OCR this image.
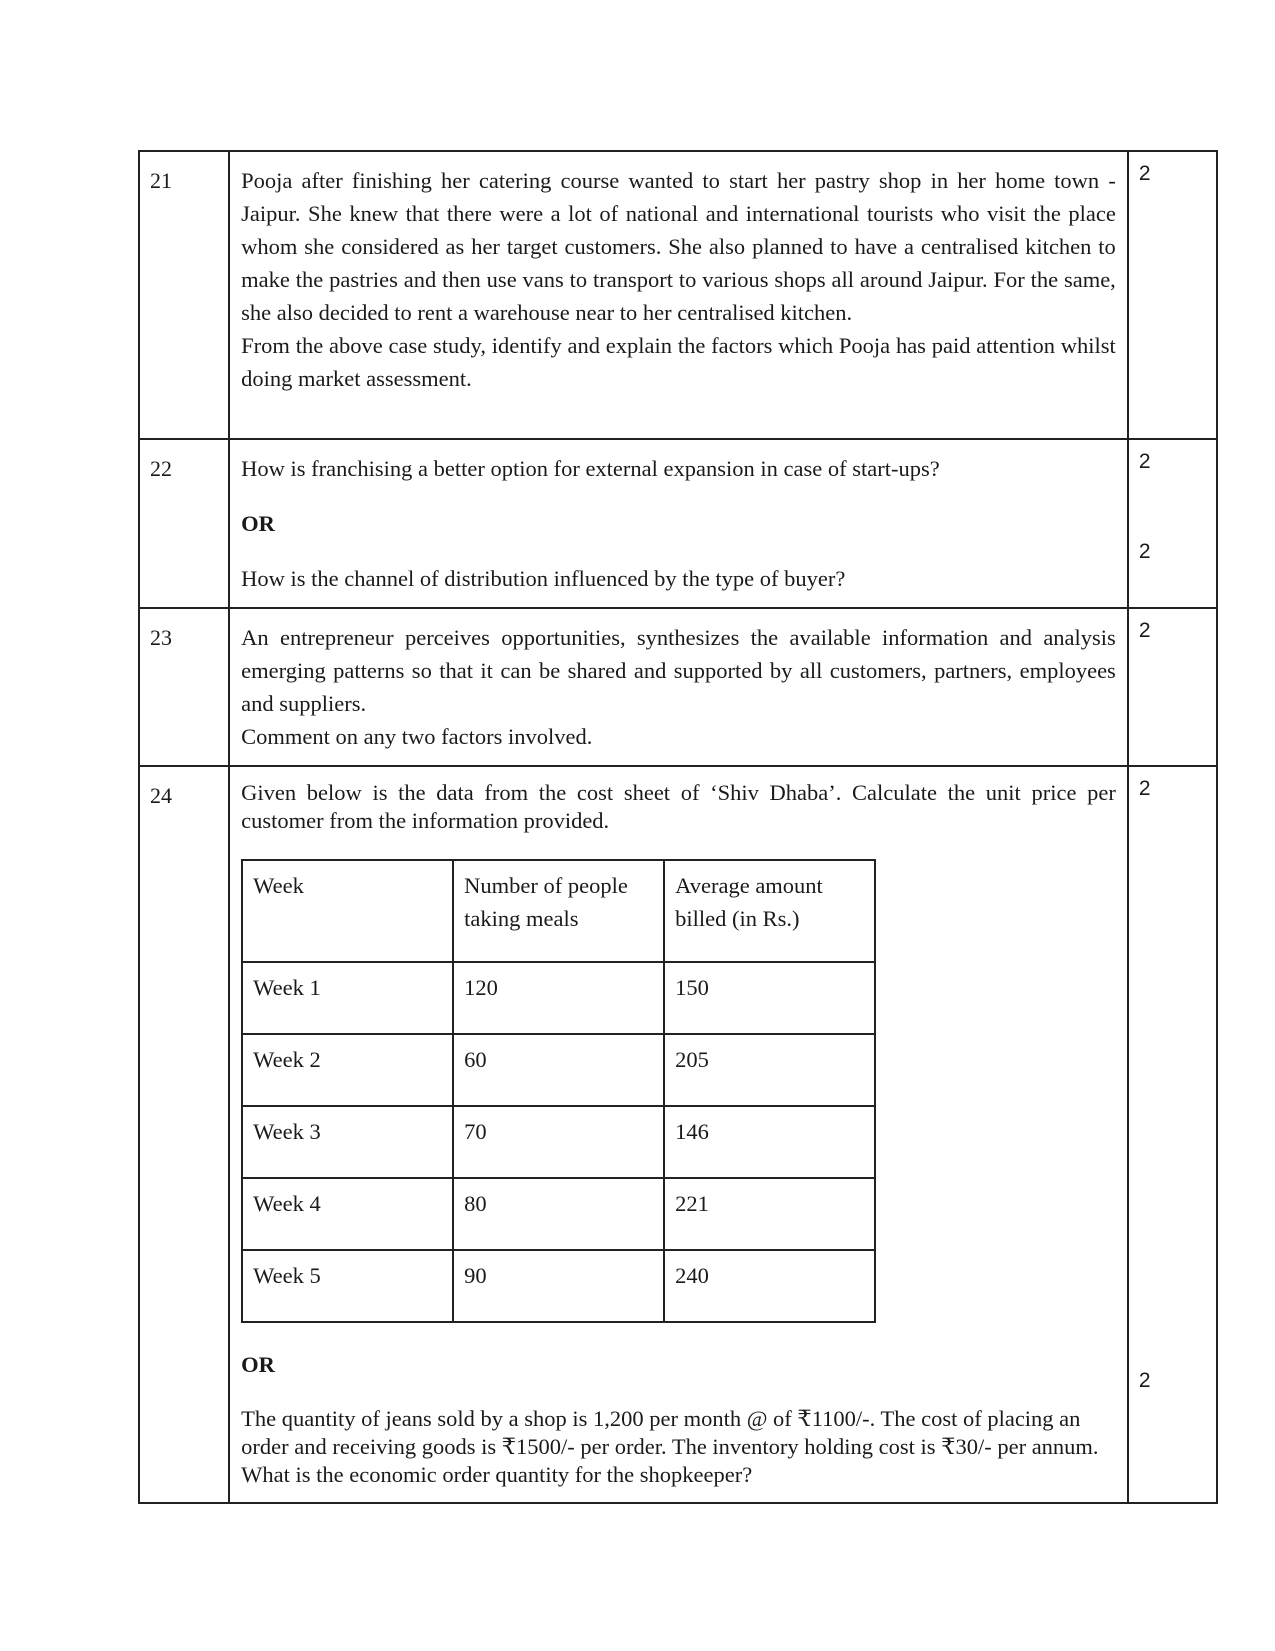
21	Pooja after finishing her catering course wanted to start her pastry shop in her home town - Jaipur. She knew that there were a lot of national and international tourists who visit the place whom she considered as her target customers. She also planned to have a centralised kitchen to make the pastries and then use vans to transport to various shops all around Jaipur. For the same, she also decided to rent a warehouse near to her centralised kitchen.

From the above case study, identify and explain the factors which Pooja has paid attention whilst doing market assessment.

2

22	How is franchising a better option for external expansion in case of start-ups?

OR

How is the channel of distribution influenced by the type of buyer?

2
2

23	An entrepreneur perceives opportunities, synthesizes the available information and analysis emerging patterns so that it can be shared and supported by all customers, partners, employees and suppliers.

Comment on any two factors involved.

2

24	Given below is the data from the cost sheet of ‘Shiv Dhaba’. Calculate the unit price per customer from the information provided.

Week	Number of people taking meals	Average amount billed (in Rs.)
Week 1	120	150
Week 2	60	205
Week 3	70	146
Week 4	80	221
Week 5	90	240

OR

The quantity of jeans sold by a shop is 1,200 per month @ of ₹1100/-. The cost of placing an order and receiving goods is ₹1500/- per order. The inventory holding cost is ₹30/- per annum. What is the economic order quantity for the shopkeeper?

2
2
